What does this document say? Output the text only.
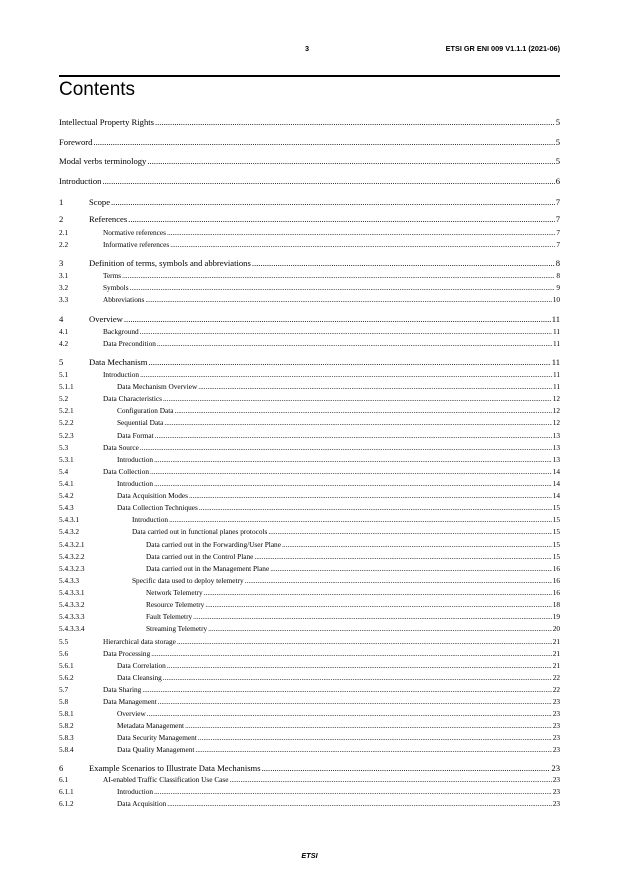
3	ETSI GR ENI 009 V1.1.1 (2021-06)
Contents
Intellectual Property Rights .....	5
Foreword .....	5
Modal verbs terminology .....	5
Introduction .....	6
1	Scope .....	7
2	References .....	7
2.1	Normative references .....	7
2.2	Informative references .....	7
3	Definition of terms, symbols and abbreviations .....	8
3.1	Terms .....	8
3.2	Symbols .....	9
3.3	Abbreviations .....	10
4	Overview .....	11
4.1	Background .....	11
4.2	Data Precondition .....	11
5	Data Mechanism .....	11
5.1	Introduction .....	11
5.1.1	Data Mechanism Overview .....	11
5.2	Data Characteristics .....	12
5.2.1	Configuration Data .....	12
5.2.2	Sequential Data .....	12
5.2.3	Data Format .....	13
5.3	Data Source .....	13
5.3.1	Introduction .....	13
5.4	Data Collection .....	14
5.4.1	Introduction .....	14
5.4.2	Data Acquisition Modes .....	14
5.4.3	Data Collection Techniques .....	15
5.4.3.1	Introduction .....	15
5.4.3.2	Data carried out in functional planes protocols .....	15
5.4.3.2.1	Data carried out in the Forwarding/User Plane .....	15
5.4.3.2.2	Data carried out in the Control Plane .....	15
5.4.3.2.3	Data carried out in the Management Plane .....	16
5.4.3.3	Specific data used to deploy telemetry .....	16
5.4.3.3.1	Network Telemetry .....	16
5.4.3.3.2	Resource Telemetry .....	18
5.4.3.3.3	Fault Telemetry .....	19
5.4.3.3.4	Streaming Telemetry .....	20
5.5	Hierarchical data storage .....	21
5.6	Data Processing .....	21
5.6.1	Data Correlation .....	21
5.6.2	Data Cleansing .....	22
5.7	Data Sharing .....	22
5.8	Data Management .....	23
5.8.1	Overview .....	23
5.8.2	Metadata Management .....	23
5.8.3	Data Security Management .....	23
5.8.4	Data Quality Management .....	23
6	Example Scenarios to Illustrate Data Mechanisms .....	23
6.1	AI-enabled Traffic Classification Use Case .....	23
6.1.1	Introduction .....	23
6.1.2	Data Acquisition .....	23
ETSI
